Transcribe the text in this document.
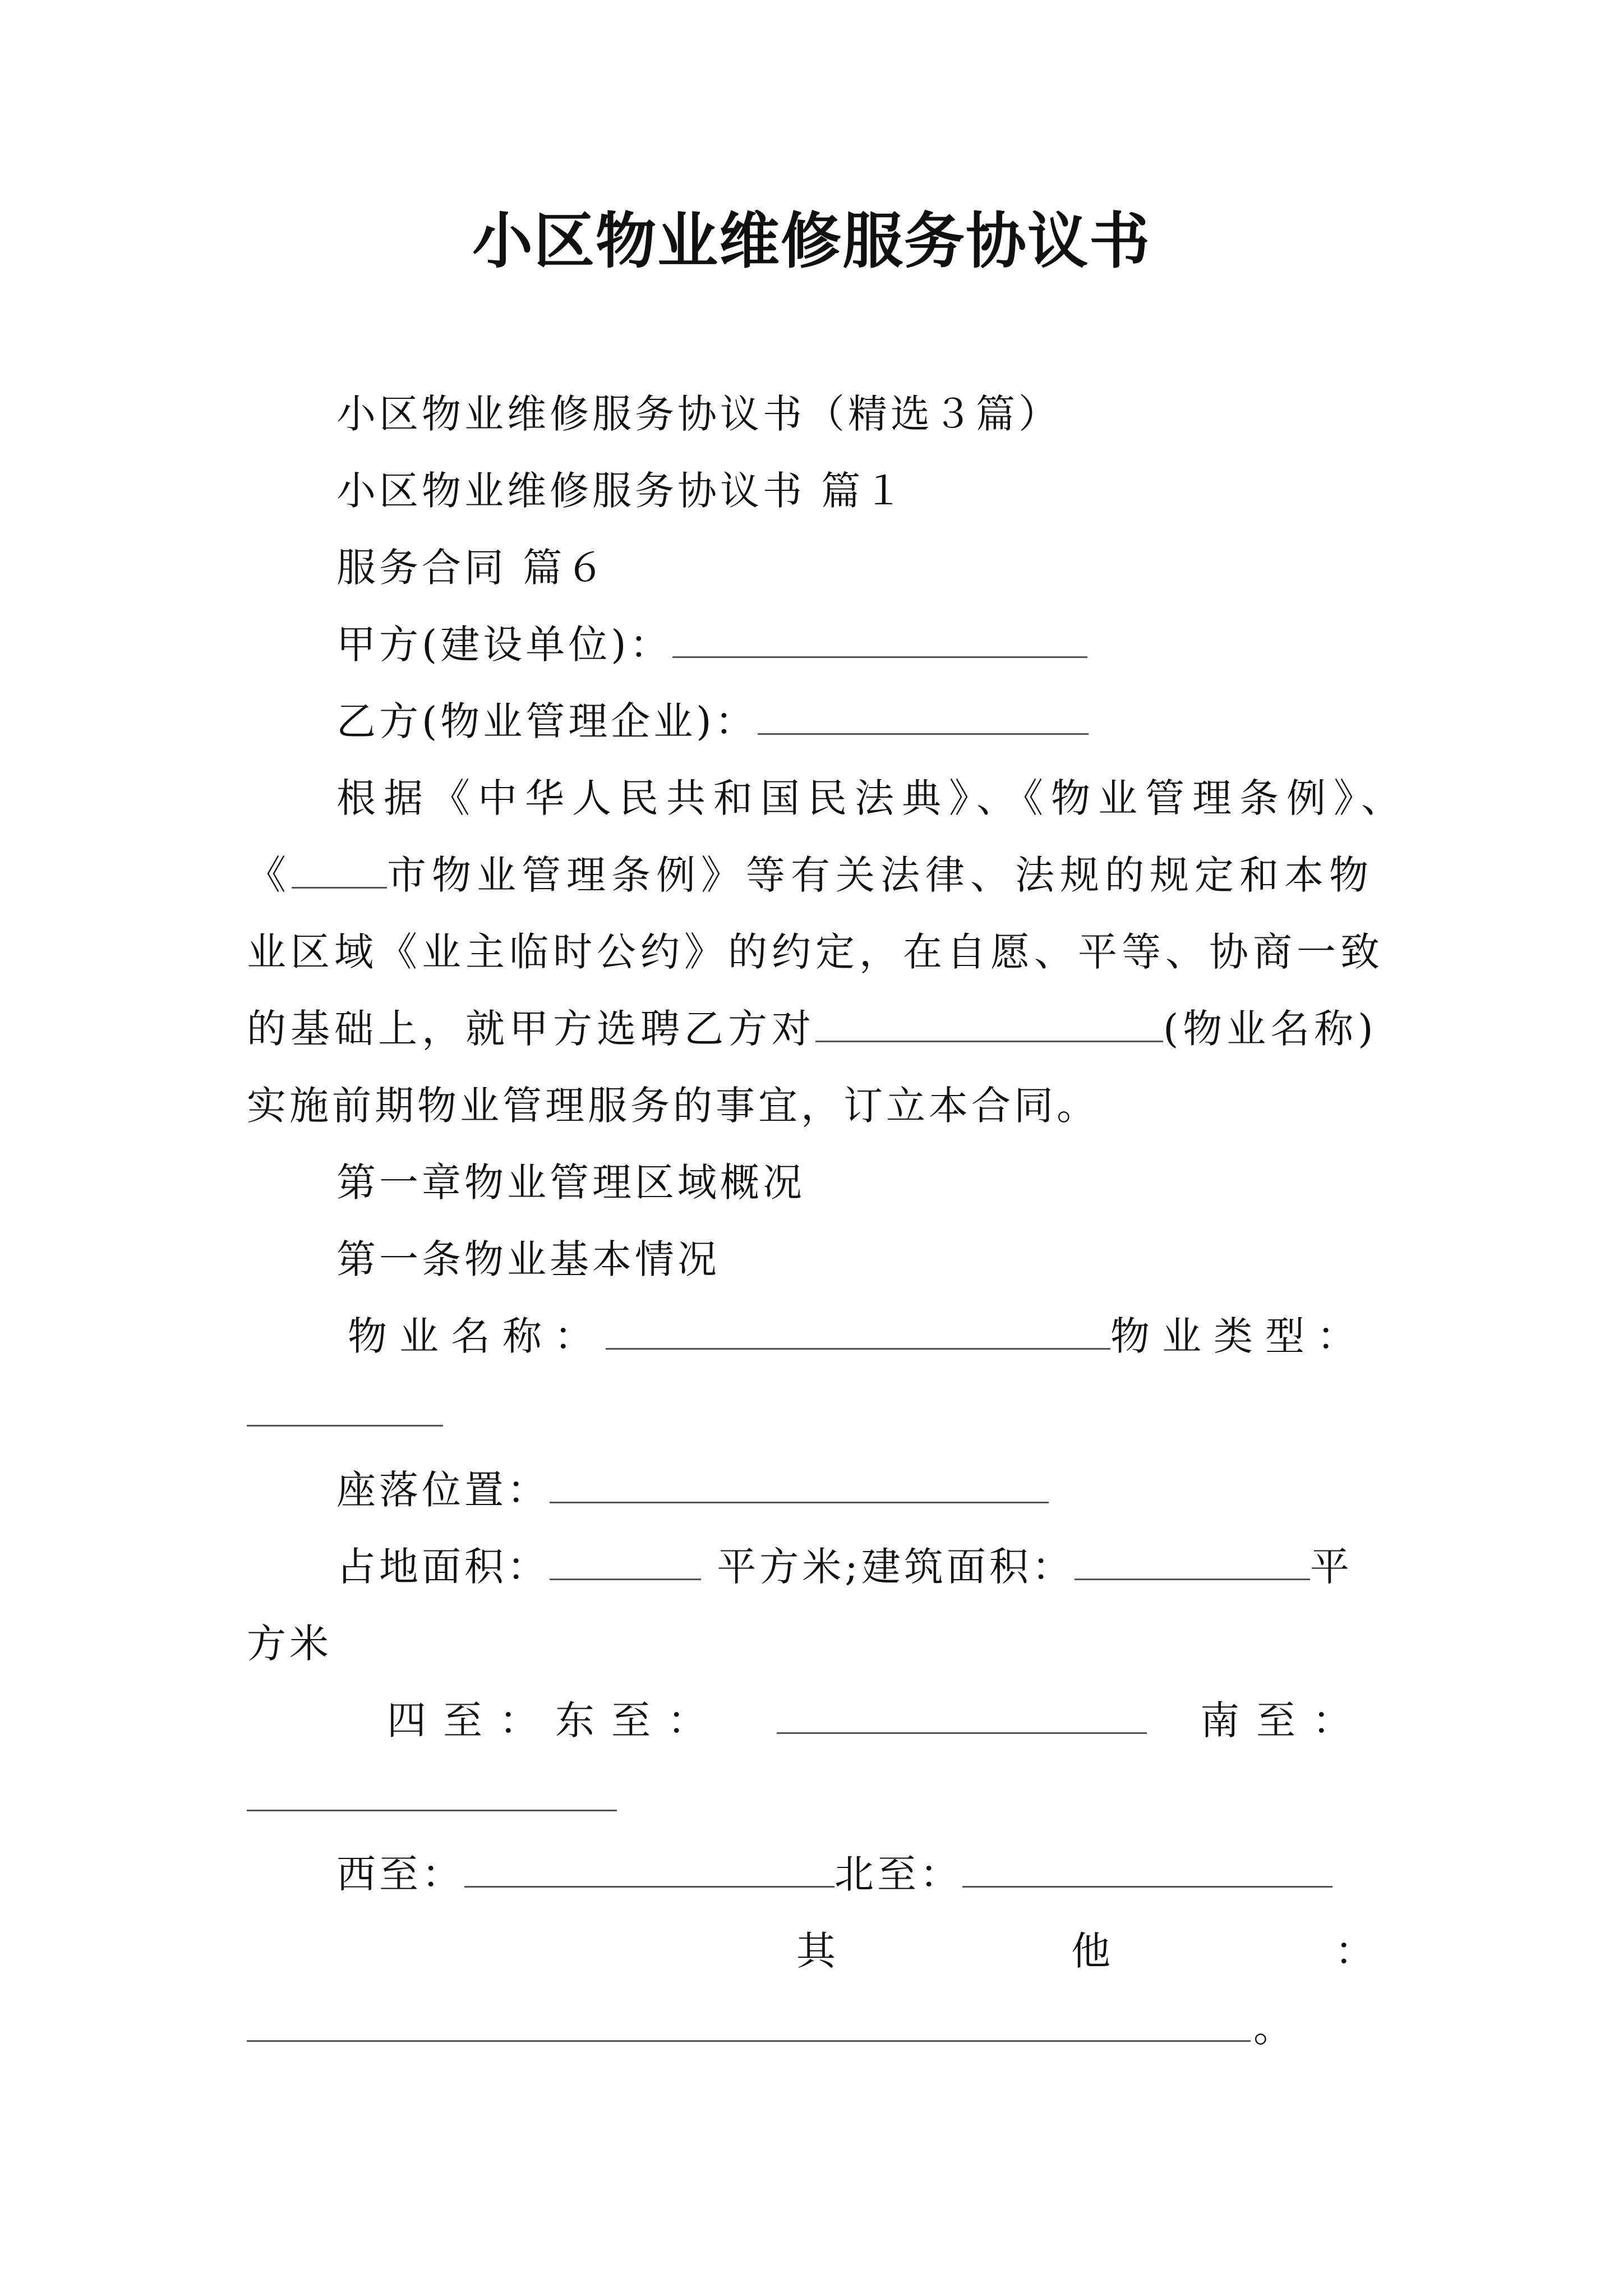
小区物业维修服务协议书
小区物业维修服务协议书（精选３篇）
小区物业维修服务协议书 篇１
服务合同 篇６
甲方(建设单位)：
乙方(物业管理企业)：
根据《中华人民共和国民法典》、《物业管理条例》、
《 市物业管理条例》等有关法律、法规的规定和本物
业区域《业主临时公约》的约定，在自愿、平等、协商一致
的基础上，就甲方选聘乙方对	(物业名称)
实施前期物业管理服务的事宜，订立本合同。
第一章物业管理区域概况
第一条物业基本情况
物业名称：	物业类型：
座落位置：
占地面积：	平方米;建筑面积：	平
方米
四至：东至：	南至：
西至：	北至：
其	他	：
。
